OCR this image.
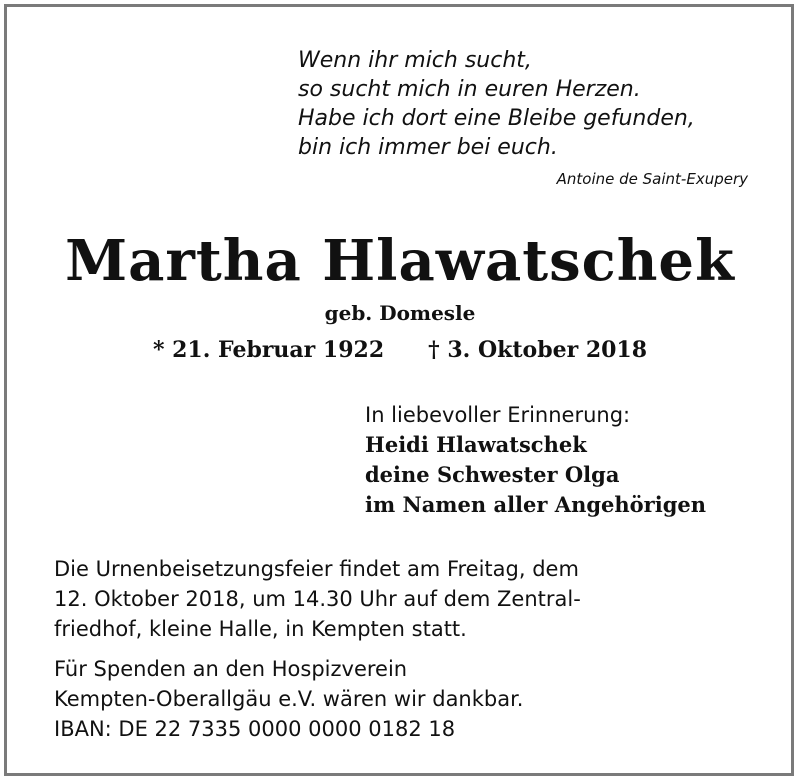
Wenn ihr mich sucht,
so sucht mich in euren Herzen.
Habe ich dort eine Bleibe gefunden,
bin ich immer bei euch.
Antoine de Saint-Exupery
Martha Hlawatschek
geb. Domesle
* 21. Februar 1922 † 3. Oktober 2018
In liebevoller Erinnerung:
Heidi Hlawatschek
deine Schwester Olga
im Namen aller Angehörigen
Die Urnenbeisetzungsfeier findet am Freitag, dem
12. Oktober 2018, um 14.30 Uhr auf dem Zentral-
friedhof, kleine Halle, in Kempten statt.
Für Spenden an den Hospizverein
Kempten-Oberallgäu e.V. wären wir dankbar.
IBAN: DE 22 7335 0000 0000 0182 18
